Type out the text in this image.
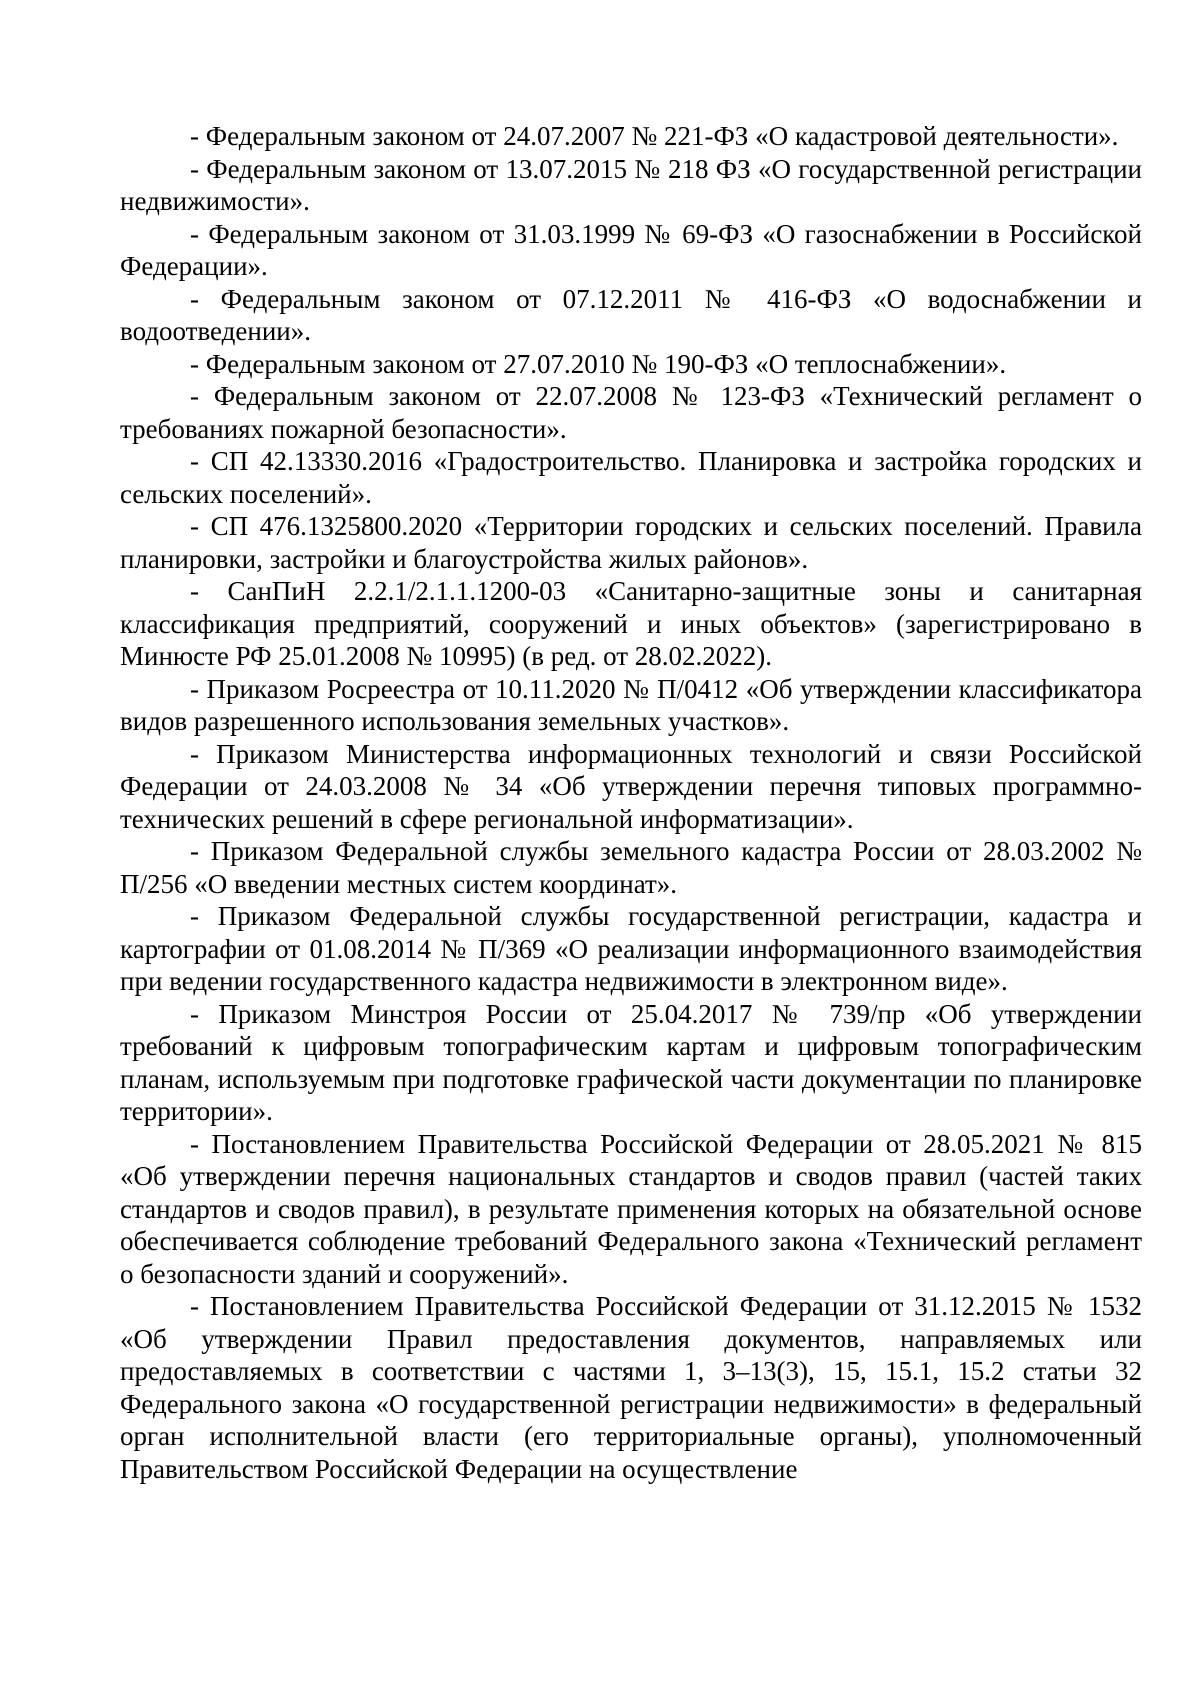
- Федеральным законом от 24.07.2007 № 221-ФЗ «О кадастровой деятельности».

- Федеральным законом от 13.07.2015 № 218 ФЗ «О государственной регистрации недвижимости».

- Федеральным законом от 31.03.1999 № 69-ФЗ «О газоснабжении в Российской Федерации».

- Федеральным законом от 07.12.2011 № 416-ФЗ «О водоснабжении и водоотведении».

- Федеральным законом от 27.07.2010 № 190-ФЗ «О теплоснабжении».

- Федеральным законом от 22.07.2008 № 123-ФЗ «Технический регламент о требованиях пожарной безопасности».

- СП 42.13330.2016 «Градостроительство. Планировка и застройка городских и сельских поселений».

- СП 476.1325800.2020 «Территории городских и сельских поселений. Правила планировки, застройки и благоустройства жилых районов».

- СанПиН 2.2.1/2.1.1.1200-03 «Санитарно-защитные зоны и санитарная классификация предприятий, сооружений и иных объектов» (зарегистрировано в Минюсте РФ 25.01.2008 № 10995) (в ред. от 28.02.2022).

- Приказом Росреестра от 10.11.2020 № П/0412 «Об утверждении классификатора видов разрешенного использования земельных участков».

- Приказом Министерства информационных технологий и связи Российской Федерации от 24.03.2008 № 34 «Об утверждении перечня типовых программно-технических решений в сфере региональной информатизации».

- Приказом Федеральной службы земельного кадастра России от 28.03.2002 № П/256 «О введении местных систем координат».

- Приказом Федеральной службы государственной регистрации, кадастра и картографии от 01.08.2014 № П/369 «О реализации информационного взаимодействия при ведении государственного кадастра недвижимости в электронном виде».

- Приказом Минстроя России от 25.04.2017 № 739/пр «Об утверждении требований к цифровым топографическим картам и цифровым топографическим планам, используемым при подготовке графической части документации по планировке территории».

- Постановлением Правительства Российской Федерации от 28.05.2021 № 815 «Об утверждении перечня национальных стандартов и сводов правил (частей таких стандартов и сводов правил), в результате применения которых на обязательной основе обеспечивается соблюдение требований Федерального закона «Технический регламент о безопасности зданий и сооружений».

- Постановлением Правительства Российской Федерации от 31.12.2015 № 1532 «Об утверждении Правил предоставления документов, направляемых или предоставляемых в соответствии с частями 1, 3–13(3), 15, 15.1, 15.2 статьи 32 Федерального закона «О государственной регистрации недвижимости» в федеральный орган исполнительной власти (его территориальные органы), уполномоченный Правительством Российской Федерации на осуществление
